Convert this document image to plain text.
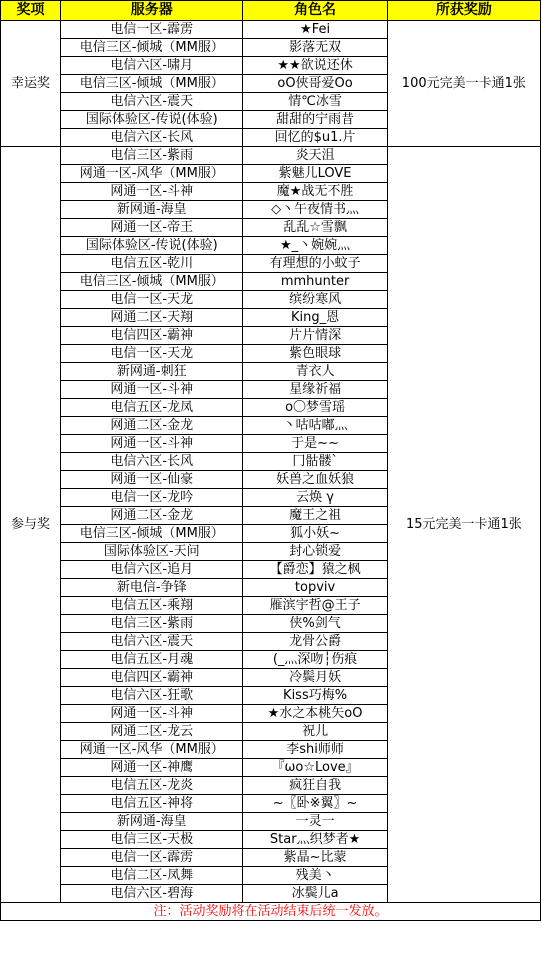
奖项	服务器	角色名	所获奖励
幸运奖	电信一区-霹雳	★Fei	100元完美一卡通1张
	电信三区-倾城（MM服）	影落无双	
	电信六区-啸月	★★欲说还休	
	电信三区-倾城（MM服）	oO俠哥爱Oo	
	电信六区-震天	情℃冰雪	
	国际体验区-传说(体验)	甜甜的宁雨昔	
	电信六区-长风	回忆的$u1.片	
参与奖	电信三区-紫雨	炎天沮	15元完美一卡通1张
	网通一区-风华（MM服）	紫魅儿LOVE	
	网通一区-斗神	魔★战无不胜	
	新网通-海皇	◇丶午夜情书灬	
	网通一区-帝王	乱乱☆雪飘	
	国际体验区-传说(体验)	★_丶婉婉灬	
	电信五区-乾川	有理想的小蚊子	
	电信三区-倾城（MM服）	mmhunter	
	电信一区-天龙	缤纷寒风	
	网通二区-天翔	King_恩	
	电信四区-霸神	片片情深	
	电信一区-天龙	紫色眼球	
	新网通-刺狂	青衣人	
	网通一区-斗神	星缘祈福	
	电信五区-龙凤	o〇梦雪瑶	
	网通二区-金龙	丶咕咕嘟灬	
	网通一区-斗神	于是~~	
	电信六区-长风	冂骷髅`	
	网通一区-仙豪	妖兽之血妖狼	
	电信一区-龙吟	云焕 γ	
	网通二区-金龙	魔王之祖	
	电信三区-倾城（MM服）	狐小妖~	
	国际体验区-天问	封心锁爱	
	电信六区-追月	【爵恋】猿之枫	
	新电信-争锋	topviv	
	电信五区-乘翔	雁滨宇哲@王子	
	电信三区-紫雨	侠%剑气	
	电信六区-震天	龙骨公爵	
	电信五区-月魂	(_灬深吻┆伤痕	
	电信四区-霸神	冷鬓月妖	
	电信六区-狂歌	Kiss巧梅%	
	网通一区-斗神	★水之本桃矢oO	
	网通二区-龙云	祝儿	
	网通一区-风华（MM服）	李shi师师	
	网通一区-神鹰	『ωo☆Love』	
	电信五区-龙炎	疯狂自我	
	电信五区-神将	~〖卧※翼〗~	
	新网通-海皇	一灵一	
	电信三区-天极	Star灬织梦者★	
	电信一区-霹雳	紫晶~比蒙	
	电信二区-凤舞	残美丶	
	电信六区-碧海	冰鬓儿a	
注：活动奖励将在活动结束后统一发放。			
